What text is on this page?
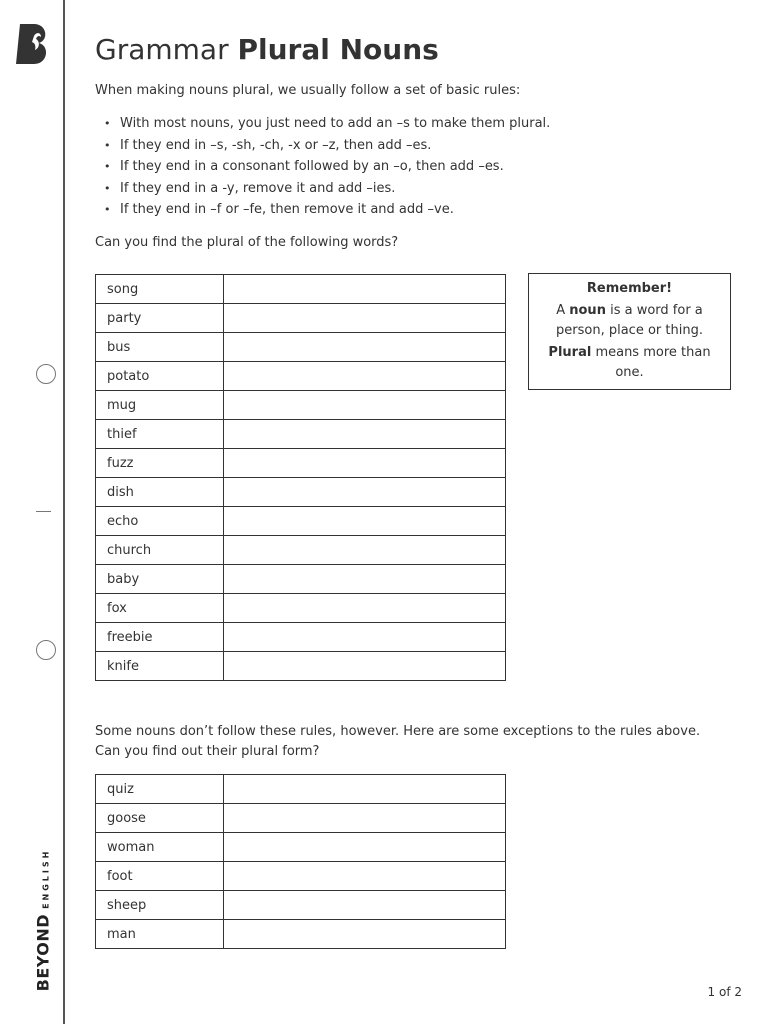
BEYONDENGLISH
Grammar Plural Nouns
When making nouns plural, we usually follow a set of basic rules:
• With most nouns, you just need to add an –s to make them plural.
• If they end in –s, -sh, -ch, -x or –z, then add –es.
• If they end in a consonant followed by an –o, then add –es.
• If they end in a -y, remove it and add –ies.
• If they end in –f or –fe, then remove it and add –ve.
Can you find the plural of the following words?
song	
party	
bus	
potato	
mug	
thief	
fuzz	
dish	
echo	
church	
baby	
fox	
freebie	
knife	
Remember!

A noun is a word for a person, place or thing.

Plural means more than one.

Some nouns don’t follow these rules, however. Here are some exceptions to the rules above.
Can you find out their plural form?
quiz	
goose	
woman	
foot	
sheep	
man	
1 of 2
